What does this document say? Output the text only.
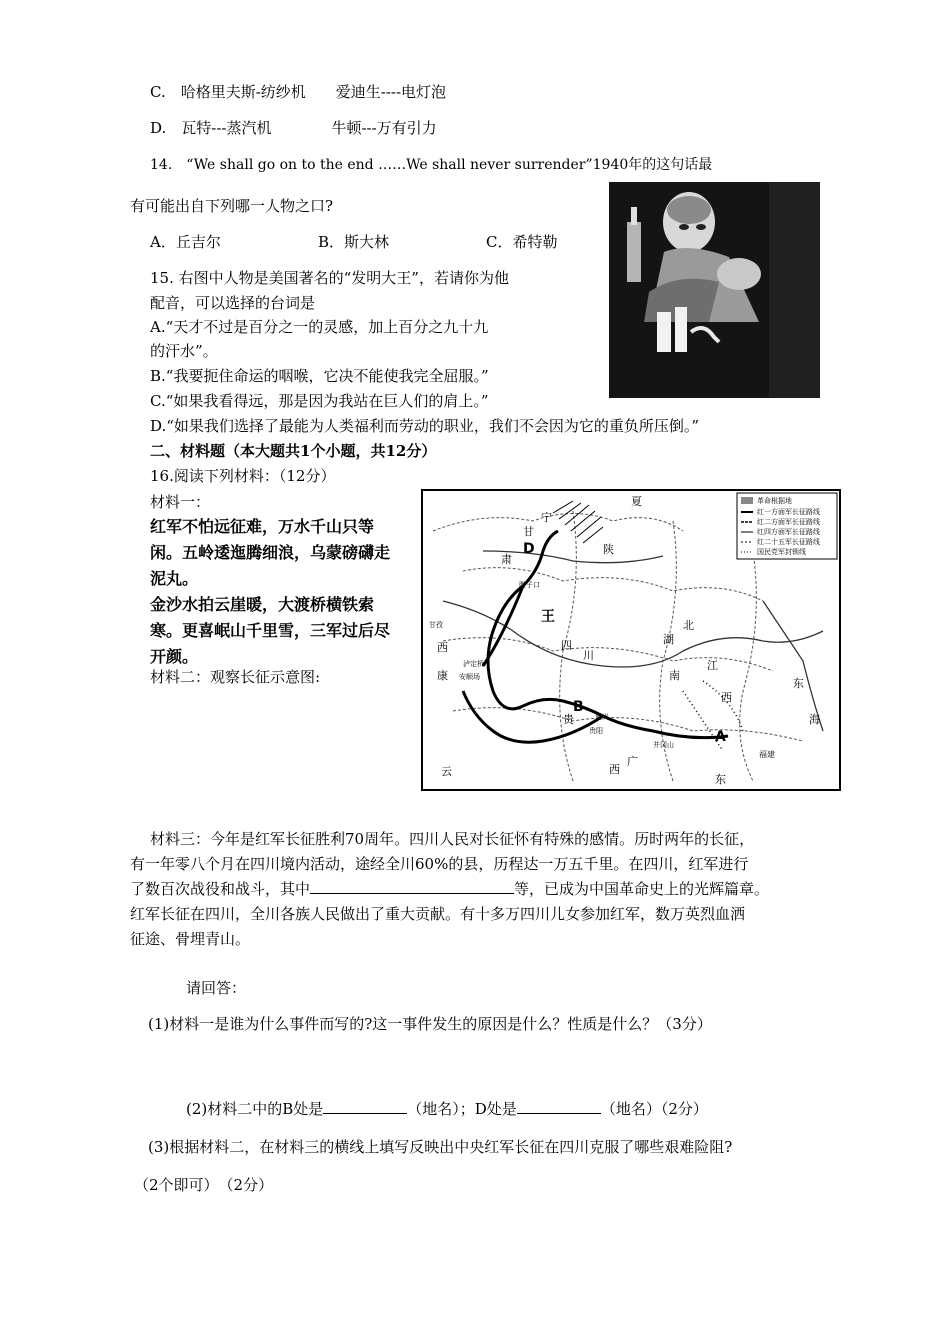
C.　哈格里夫斯-纺纱机　　爱迪生----电灯泡
D.　瓦特---蒸汽机　　　　牛顿---万有引力
14.　“We shall go on to the end ……We shall never surrender”1940年的这句话最
有可能出自下列哪一人物之口?
A．丘吉尔	B．斯大林	C．希特勒
15. 右图中人物是美国著名的“发明大王”，若请你为他
配音，可以选择的台词是
A.“天才不过是百分之一的灵感，加上百分之九十九
的汗水”。
B.“我要扼住命运的咽喉，它决不能使我完全屈服。”
C.“如果我看得远，那是因为我站在巨人们的肩上。”
D.“如果我们选择了最能为人类福利而劳动的职业，我们不会因为它的重负所压倒。”
二、材料题（本大题共1个小题，共12分）
16.阅读下列材料：（12分）
材料一：
红军不怕远征难，万水千山只等
闲。五岭逶迤腾细浪，乌蒙磅礴走
泥丸。
金沙水拍云崖暖，大渡桥横铁索
寒。更喜岷山千里雪，三军过后尽
开颜。
材料二：观察长征示意图:
革命根据地
红一方面军长征路线
红二方面军长征路线
红四方面军长征路线
红二十五军长征路线
国民党军封锁线
宁
夏
甘
陕
肃
腊子口
甘孜
西
康
泸定桥
安顺场
四
川
湖
北
南
江
西
东
海
福建
云
贵
贵阳
遵义
井冈山
广
西
东
A
B
D
王
材料三：今年是红军长征胜利70周年。四川人民对长征怀有特殊的感情。历时两年的长征，
有一年零八个月在四川境内活动，途经全川60%的县，历程达一万五千里。在四川，红军进行
了数百次战役和战斗，其中	等，已成为中国革命史上的光辉篇章。
红军长征在四川，全川各族人民做出了重大贡献。有十多万四川儿女参加红军，数万英烈血洒
征途、骨埋青山。
请回答：
(1)材料一是谁为什么事件而写的?这一事件发生的原因是什么？性质是什么？（3分）
(2)材料二中的B处是	（地名）；D处是	（地名）（2分）
(3)根据材料二，在材料三的横线上填写反映出中央红军长征在四川克服了哪些艰难险阻?
（2个即可）　（2分）
